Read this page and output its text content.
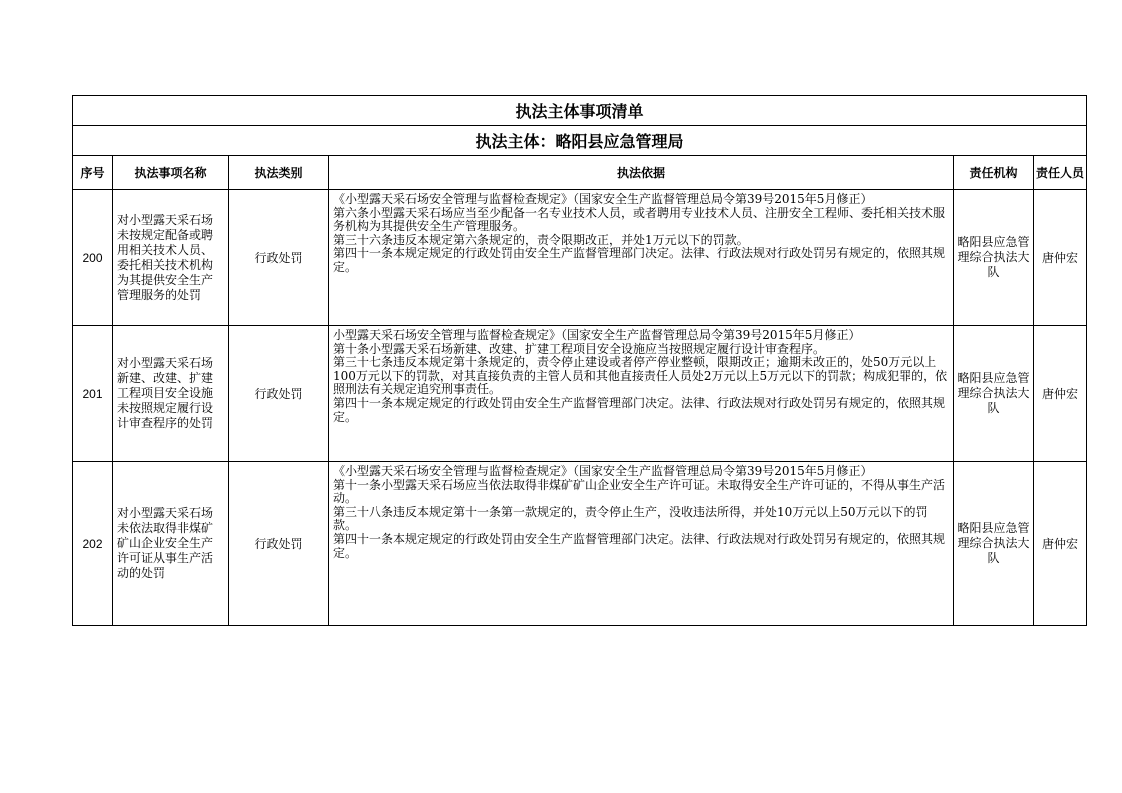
执法主体事项清单					
执法主体：略阳县应急管理局					
序号	执法事项名称	执法类别	执法依据	责任机构	责任人员
200	对小型露天采石场未按规定配备或聘用相关技术人员、委托相关技术机构为其提供安全生产管理服务的处罚	行政处罚	《小型露天采石场安全管理与监督检查规定》（国家安全生产监督管理总局令第39号2015年5月修正）

第六条小型露天采石场应当至少配备一名专业技术人员，或者聘用专业技术人员、注册安全工程师、委托相关技术服务机构为其提供安全生产管理服务。

第三十六条违反本规定第六条规定的，责令限期改正，并处1万元以下的罚款。

第四十一条本规定规定的行政处罚由安全生产监督管理部门决定。法律、行政法规对行政处罚另有规定的，依照其规定。	略阳县应急管理综合执法大队	唐仲宏
201	对小型露天采石场新建、改建、扩建工程项目安全设施未按照规定履行设计审查程序的处罚	行政处罚	小型露天采石场安全管理与监督检查规定》（国家安全生产监督管理总局令第39号2015年5月修正）

第十条小型露天采石场新建、改建、扩建工程项目安全设施应当按照规定履行设计审查程序。

第三十七条违反本规定第十条规定的，责令停止建设或者停产停业整顿，限期改正；逾期未改正的，处50万元以上100万元以下的罚款，对其直接负责的主管人员和其他直接责任人员处2万元以上5万元以下的罚款；构成犯罪的，依照刑法有关规定追究刑事责任。

第四十一条本规定规定的行政处罚由安全生产监督管理部门决定。法律、行政法规对行政处罚另有规定的，依照其规定。	略阳县应急管理综合执法大队	唐仲宏
202	对小型露天采石场未依法取得非煤矿矿山企业安全生产许可证从事生产活动的处罚	行政处罚	《小型露天采石场安全管理与监督检查规定》（国家安全生产监督管理总局令第39号2015年5月修正）

第十一条小型露天采石场应当依法取得非煤矿矿山企业安全生产许可证。未取得安全生产许可证的，不得从事生产活动。

第三十八条违反本规定第十一条第一款规定的，责令停止生产，没收违法所得，并处10万元以上50万元以下的罚款。

第四十一条本规定规定的行政处罚由安全生产监督管理部门决定。法律、行政法规对行政处罚另有规定的，依照其规定。	略阳县应急管理综合执法大队	唐仲宏
